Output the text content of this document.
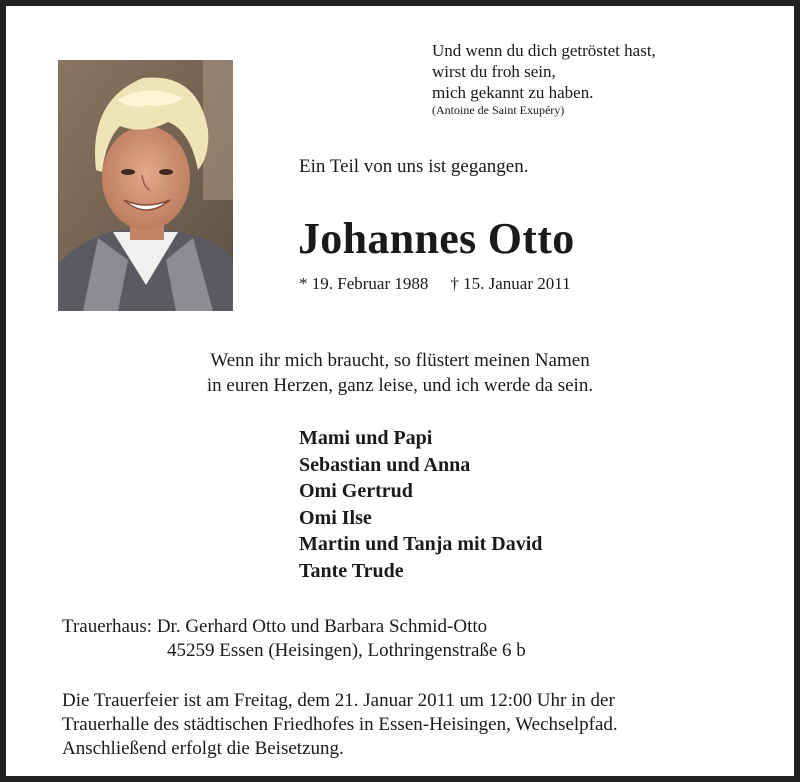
Und wenn du dich getröstet hast,
wirst du froh sein,
mich gekannt zu haben.
(Antoine de Saint Exupéry)
Ein Teil von uns ist gegangen.
Johannes Otto
* 19. Februar 1988 † 15. Januar 2011
Wenn ihr mich braucht, so flüstert meinen Namen
in euren Herzen, ganz leise, und ich werde da sein.
Mami und Papi
Sebastian und Anna
Omi Gertrud
Omi Ilse
Martin und Tanja mit David
Tante Trude
Trauerhaus: Dr. Gerhard Otto und Barbara Schmid-Otto
45259 Essen (Heisingen), Lothringenstraße 6 b
Die Trauerfeier ist am Freitag, dem 21. Januar 2011 um 12:00 Uhr in der
Trauerhalle des städtischen Friedhofes in Essen-Heisingen, Wechselpfad.
Anschließend erfolgt die Beisetzung.
